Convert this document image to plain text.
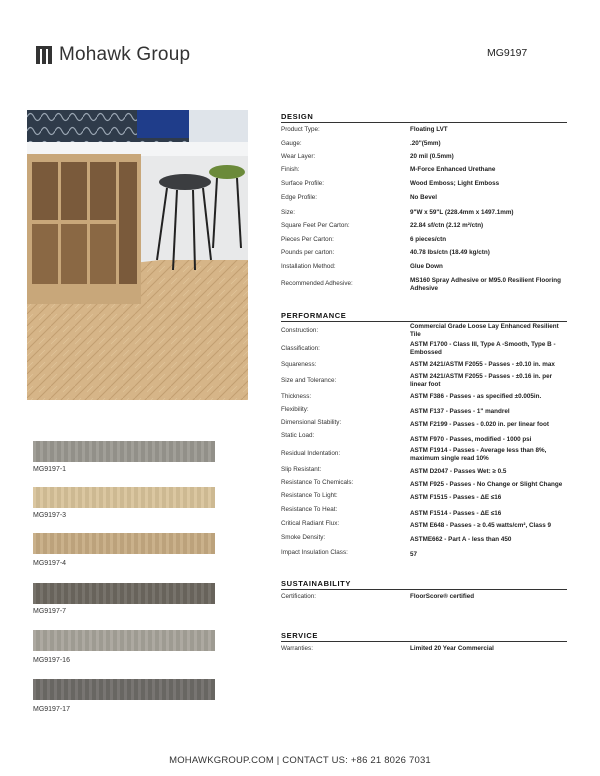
Mohawk Group	MG9197
MG9197-1
MG9197-3
MG9197-4
MG9197-7
MG9197-16
MG9197-17
DESIGN
Product Type:	Floating LVT
Gauge:	.20"(5mm)
Wear Layer:	20 mil (0.5mm)
Finish:	M-Force Enhanced Urethane
Surface Profile:	Wood Emboss; Light Emboss
Edge Profile:	No Bevel
Size:	9"W x 59"L (228.4mm x 1497.1mm)
Square Feet Per Carton:	22.84 sf/ctn (2.12 m²/ctn)
Pieces Per Carton:	6 pieces/ctn
Pounds per carton:	40.78 lbs/ctn (18.49 kg/ctn)
Installation Method:	Glue Down
Recommended Adhesive:	MS160 Spray Adhesive or M95.0 Resilient Flooring Adhesive
PERFORMANCE
Construction:
Commercial Grade Loose Lay Enhanced Resilient Tile
Classification:
ASTM F1700 - Class III, Type A -Smooth, Type B - Embossed
Squareness:	ASTM 2421/ASTM F2055 - Passes - ±0.10 in. max
Size and Tolerance:
ASTM 2421/ASTM F2055 - Passes - ±0.16 in. per linear foot
Thickness:	ASTM F386 - Passes - as specified ±0.005in.
Flexibility:	ASTM F137 - Passes - 1" mandrel
Dimensional Stability:	ASTM F2199 - Passes - 0.020 in. per linear foot
Static Load:
ASTM F970 - Passes, modified - 1000 psi
Residual Indentation:	ASTM F1914 - Passes - Average less than 8%, maximum single read 10%
Slip Resistant:	ASTM D2047 - Passes Wet: ≥ 0.5
Resistance To Chemicals:	ASTM F925 - Passes - No Change or Slight Change
Resistance To Light:	ASTM F1515 - Passes - ΔE ≤16
Resistance To Heat:
ASTM F1514 - Passes - ΔE ≤16
Critical Radiant Flux:	ASTM E648 - Passes - ≥ 0.45 watts/cm², Class 9
Smoke Density:	ASTME662 - Part A - less than 450
Impact Insulation Class:	57
SUSTAINABILITY
Certification:	FloorScore® certified
SERVICE
Warranties:	Limited 20 Year Commercial
MOHAWKGROUP.COM | CONTACT US: +86 21 8026 7031
